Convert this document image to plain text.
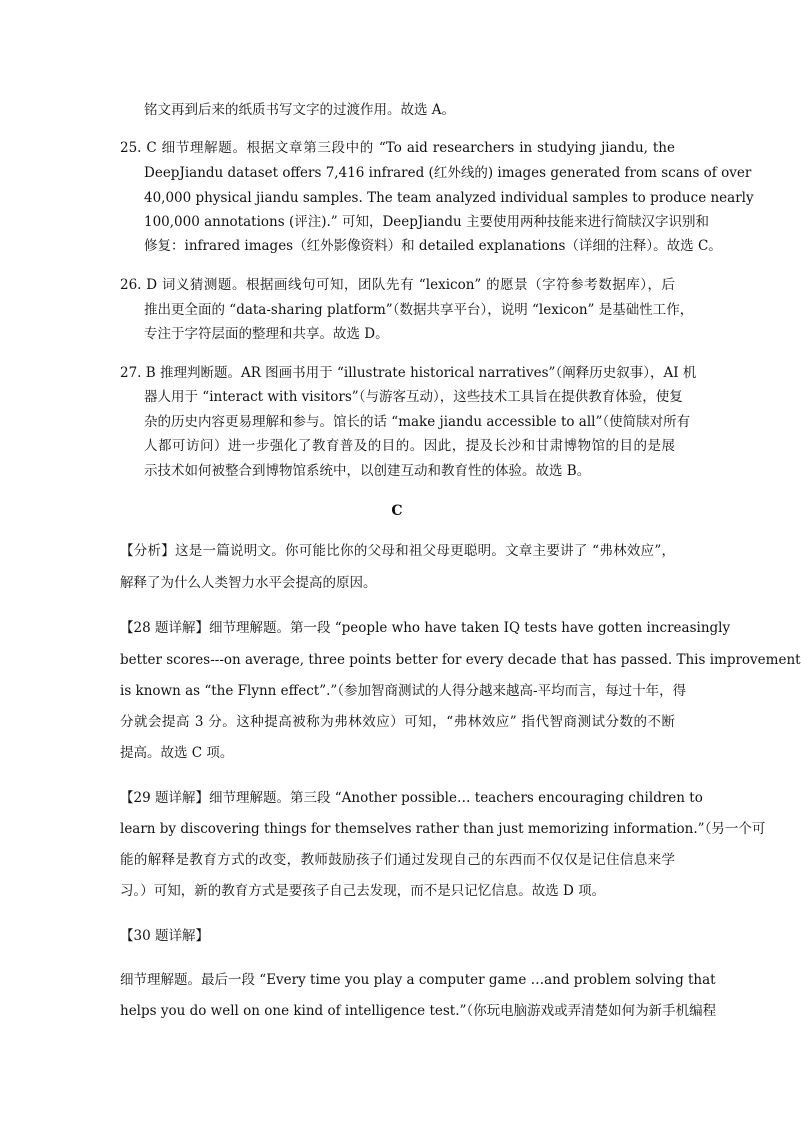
铭文再到后来的纸质书写文字的过渡作用。故选 A。
25. C 细节理解题。根据文章第三段中的 “To aid researchers in studying jiandu, the
DeepJiandu dataset offers 7,416 infrared (红外线的) images generated from scans of over
40,000 physical jiandu samples. The team analyzed individual samples to produce nearly
100,000 annotations (评注).” 可知，DeepJiandu 主要使用两种技能来进行简牍汉字识别和
修复：infrared images（红外影像资料）和 detailed explanations（详细的注释）。故选 C。
26. D 词义猜测题。根据画线句可知，团队先有 “lexicon” 的愿景（字符参考数据库），后
推出更全面的 “data-sharing platform”（数据共享平台），说明 “lexicon” 是基础性工作，
专注于字符层面的整理和共享。故选 D。
27. B 推理判断题。AR 图画书用于 “illustrate historical narratives”（阐释历史叙事），AI 机
器人用于 “interact with visitors”（与游客互动），这些技术工具旨在提供教育体验，使复
杂的历史内容更易理解和参与。馆长的话 “make jiandu accessible to all”（使简牍对所有
人都可访问）进一步强化了教育普及的目的。因此，提及长沙和甘肃博物馆的目的是展
示技术如何被整合到博物馆系统中，以创建互动和教育性的体验。故选 B。
C
【分析】这是一篇说明文。你可能比你的父母和祖父母更聪明。文章主要讲了 “弗林效应”，
解释了为什么人类智力水平会提高的原因。
【28 题详解】细节理解题。第一段 “people who have taken IQ tests have gotten increasingly
better scores---on average, three points better for every decade that has passed. This improvement
is known as “the Flynn effect”.”（参加智商测试的人得分越来越高-平均而言，每过十年，得
分就会提高 3 分。这种提高被称为弗林效应）可知，“弗林效应” 指代智商测试分数的不断
提高。故选 C 项。
【29 题详解】细节理解题。第三段 “Another possible… teachers encouraging children to
learn by discovering things for themselves rather than just memorizing information.”（另一个可
能的解释是教育方式的改变，教师鼓励孩子们通过发现自己的东西而不仅仅是记住信息来学
习。）可知，新的教育方式是要孩子自己去发现，而不是只记忆信息。故选 D 项。
【30 题详解】
细节理解题。最后一段 “Every time you play a computer game …and problem solving that
helps you do well on one kind of intelligence test.”（你玩电脑游戏或弄清楚如何为新手机编程
